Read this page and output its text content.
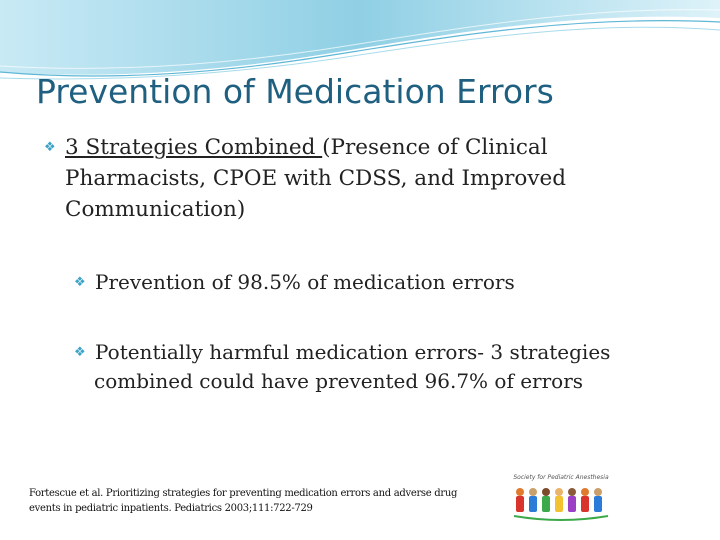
Prevention of Medication Errors
❖ 3 Strategies Combined (Presence of Clinical Pharmacists, CPOE with CDSS, and Improved Communication)
❖ Prevention of 98.5% of medication errors
❖ Potentially harmful medication errors- 3 strategies combined could have prevented 96.7% of errors
Fortescue et al. Prioritizing strategies for preventing medication errors and adverse drug events in pediatric inpatients. Pediatrics 2003;111:722-729
Society for Pediatric Anesthesia
